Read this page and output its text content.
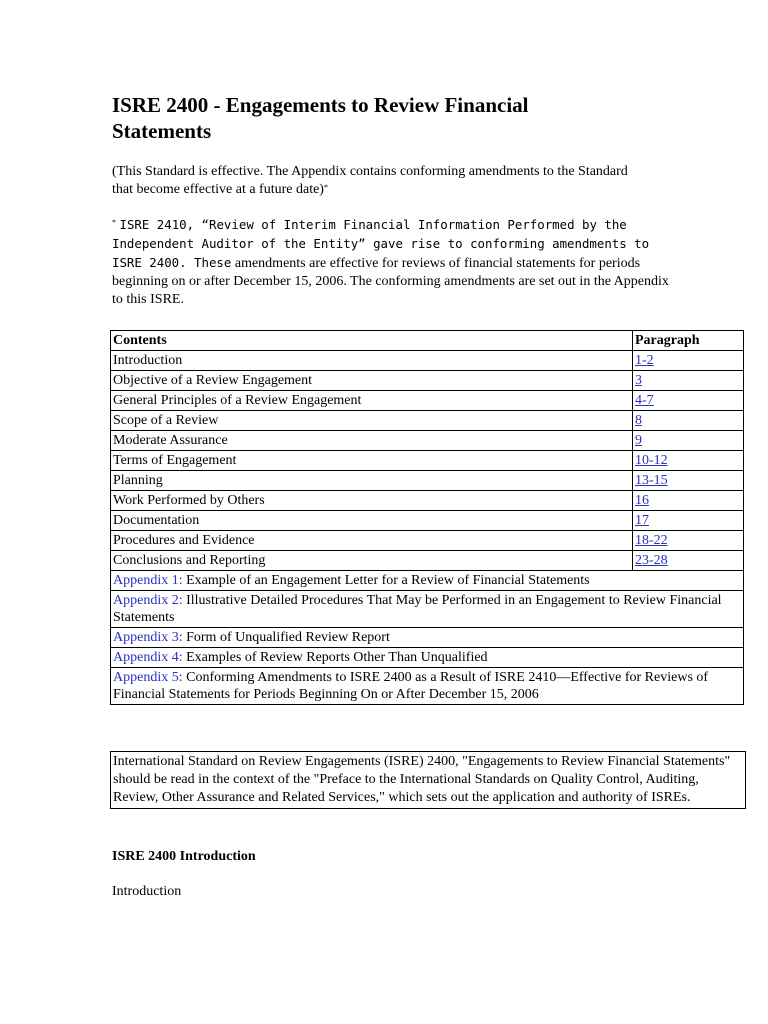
ISRE 2400 - Engagements to Review Financial Statements

(This Standard is effective. The Appendix contains conforming amendments to the Standard that become effective at a future date)*

* ISRE 2410, “Review of Interim Financial Information Performed by the Independent Auditor of the Entity” gave rise to conforming amendments to ISRE 2400. These amendments are effective for reviews of financial statements for periods beginning on or after December 15, 2006. The conforming amendments are set out in the Appendix to this ISRE.

Contents	Paragraph
Introduction	1-2
Objective of a Review Engagement	3
General Principles of a Review Engagement	4-7
Scope of a Review	8
Moderate Assurance	9
Terms of Engagement	10-12
Planning	13-15
Work Performed by Others	16
Documentation	17
Procedures and Evidence	18-22
Conclusions and Reporting	23-28
Appendix 1: Example of an Engagement Letter for a Review of Financial Statements	
Appendix 2: Illustrative Detailed Procedures That May be Performed in an Engagement to Review Financial Statements	
Appendix 3: Form of Unqualified Review Report	
Appendix 4: Examples of Review Reports Other Than Unqualified	
Appendix 5: Conforming Amendments to ISRE 2400 as a Result of ISRE 2410—Effective for Reviews of Financial Statements for Periods Beginning On or After December 15, 2006	
International Standard on Review Engagements (ISRE) 2400, "Engagements to Review Financial Statements" should be read in the context of the "Preface to the International Standards on Quality Control, Auditing, Review, Other Assurance and Related Services," which sets out the application and authority of ISREs.
ISRE 2400 Introduction

Introduction
